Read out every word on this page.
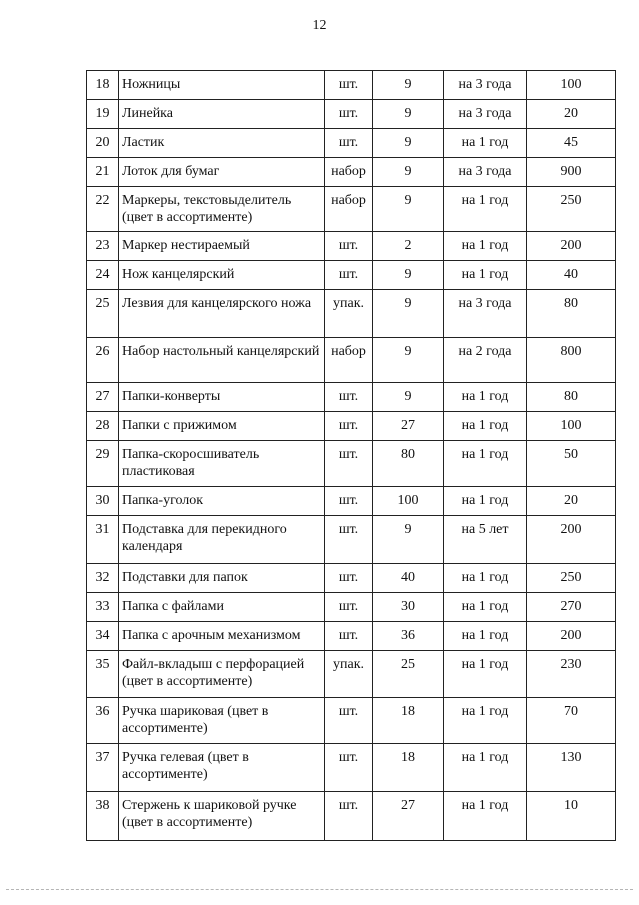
12
18	Ножницы	шт.	9	на 3 года	100
19	Линейка	шт.	9	на 3 года	20
20	Ластик	шт.	9	на 1 год	45
21	Лоток для бумаг	набор	9	на 3 года	900
22	Маркеры, текстовыделитель (цвет в ассортименте)	набор	9	на 1 год	250
23	Маркер нестираемый	шт.	2	на 1 год	200
24	Нож канцелярский	шт.	9	на 1 год	40
25	Лезвия для канцелярского ножа	упак.	9	на 3 года	80
26	Набор настольный канцелярский	набор	9	на 2 года	800
27	Папки-конверты	шт.	9	на 1 год	80
28	Папки с прижимом	шт.	27	на 1 год	100
29	Папка-скоросшиватель пластиковая	шт.	80	на 1 год	50
30	Папка-уголок	шт.	100	на 1 год	20
31	Подставка для перекидного календаря	шт.	9	на 5 лет	200
32	Подставки для папок	шт.	40	на 1 год	250
33	Папка с файлами	шт.	30	на 1 год	270
34	Папка с арочным механизмом	шт.	36	на 1 год	200
35	Файл-вкладыш с перфорацией (цвет в ассортименте)	упак.	25	на 1 год	230
36	Ручка шариковая (цвет в ассортименте)	шт.	18	на 1 год	70
37	Ручка гелевая (цвет в ассортименте)	шт.	18	на 1 год	130
38	Стержень к шариковой ручке (цвет в ассортименте)	шт.	27	на 1 год	10
